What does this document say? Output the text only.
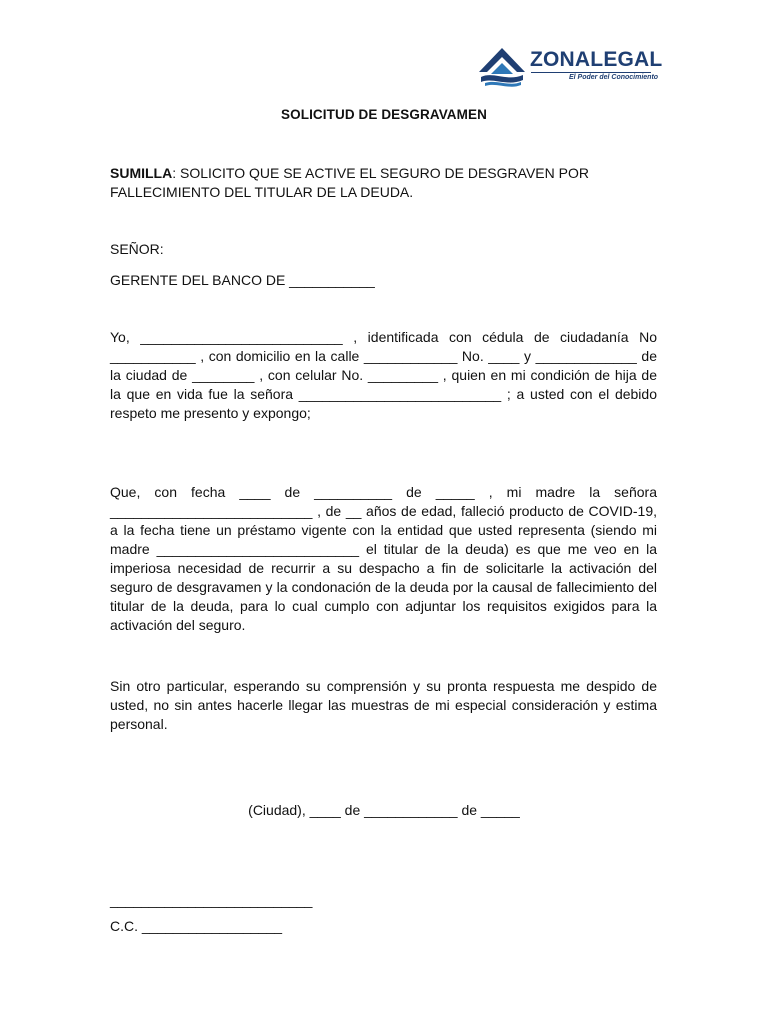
ZONALEGAL
El Poder del Conocimiento
SOLICITUD DE DESGRAVAMEN
SUMILLA: SOLICITO QUE SE ACTIVE EL SEGURO DE DESGRAVEN POR FALLECIMIENTO DEL TITULAR DE LA DEUDA.
SEÑOR:
GERENTE DEL BANCO DE ___________
Yo, __________________________ , identificada con cédula de ciudadanía No ___________ , con domicilio en la calle ____________ No. ____ y _____________ de la ciudad de ________ , con celular No. _________ , quien en mi condición de hija de la que en vida fue la señora __________________________ ; a usted con el debido respeto me presento y expongo;
Que, con fecha ____ de __________ de _____ , mi madre la señora __________________________ , de __ años de edad, falleció producto de COVID-19, a la fecha tiene un préstamo vigente con la entidad que usted representa (siendo mi madre __________________________ el titular de la deuda) es que me veo en la imperiosa necesidad de recurrir a su despacho a fin de solicitarle la activación del seguro de desgravamen y la condonación de la deuda por la causal de fallecimiento del titular de la deuda, para lo cual cumplo con adjuntar los requisitos exigidos para la activación del seguro.
Sin otro particular, esperando su comprensión y su pronta respuesta me despido de usted, no sin antes hacerle llegar las muestras de mi especial consideración y estima personal.
(Ciudad), ____ de ____________ de _____
__________________________
C.C. __________________
